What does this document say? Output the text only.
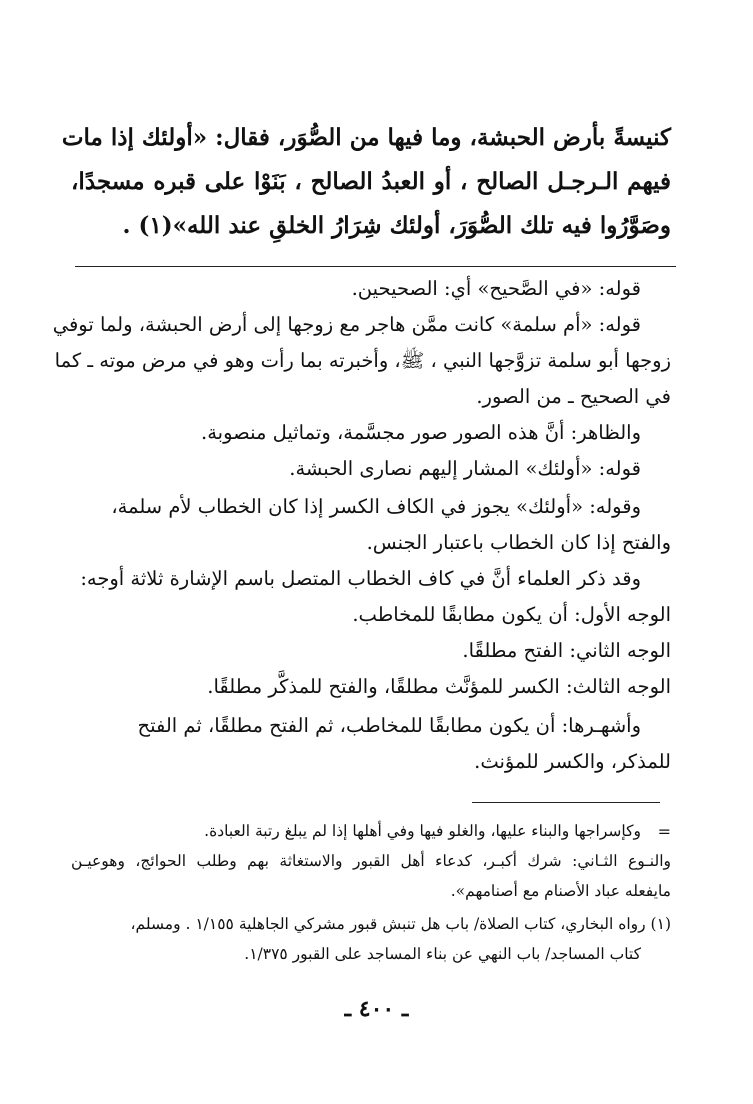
كنيسةً بأرض الحبشة، وما فيها من الصُّوَر، فقال: «أولئك إذا مات
فيهم الـرجـل الصالح ، أو العبدُ الصالح ، بَنَوْا على قبره مسجدًا،
وصَوَّرُوا فيه تلك الصُّوَرَ، أولئك شِرَارُ الخلقِ عند الله»(١) .
قوله: «في الصَّحيح» أي: الصحيحين.
قوله: «أم سلمة» كانت ممَّن هاجر مع زوجها إلى أرض الحبشة، ولما توفي
زوجها أبو سلمة تزوَّجها النبي ، ﷺ، وأخبرته بما رأت وهو في مرض موته ـ كما
في الصحيح ـ من الصور.
والظاهر: أنَّ هذه الصور صور مجسَّمة، وتماثيل منصوبة.
قوله: «أولئك» المشار إليهم نصارى الحبشة.
وقوله: «أولئك» يجوز في الكاف الكسر إذا كان الخطاب لأم سلمة،
والفتح إذا كان الخطاب باعتبار الجنس.
وقد ذكر العلماء أنَّ في كاف الخطاب المتصل باسم الإشارة ثلاثة أوجه:
الوجه الأول: أن يكون مطابقًا للمخاطب.
الوجه الثاني: الفتح مطلقًا.
الوجه الثالث: الكسر للمؤنَّث مطلقًا، والفتح للمذكَّر مطلقًا.
وأشهـرها: أن يكون مطابقًا للمخاطب، ثم الفتح مطلقًا، ثم الفتح
للمذكر، والكسر للمؤنث.
=
وكإسراجها والبناء عليها، والغلو فيها وفي أهلها إذا لم يبلغ رتبة العبادة.
والنـوع الثـاني: شرك أكبـر، كدعاء أهل القبور والاستغاثة بهم وطلب الحوائج، وهوعيـن
مايفعله عباد الأصنام مع أصنامهم».
(١) رواه البخاري، كتاب الصلاة/ باب هل تنبش قبور مشركي الجاهلية ١/١٥٥ . ومسلم،
كتاب المساجد/ باب النهي عن بناء المساجد على القبور ١/٣٧٥.
ـ ٤٠٠ ـ
